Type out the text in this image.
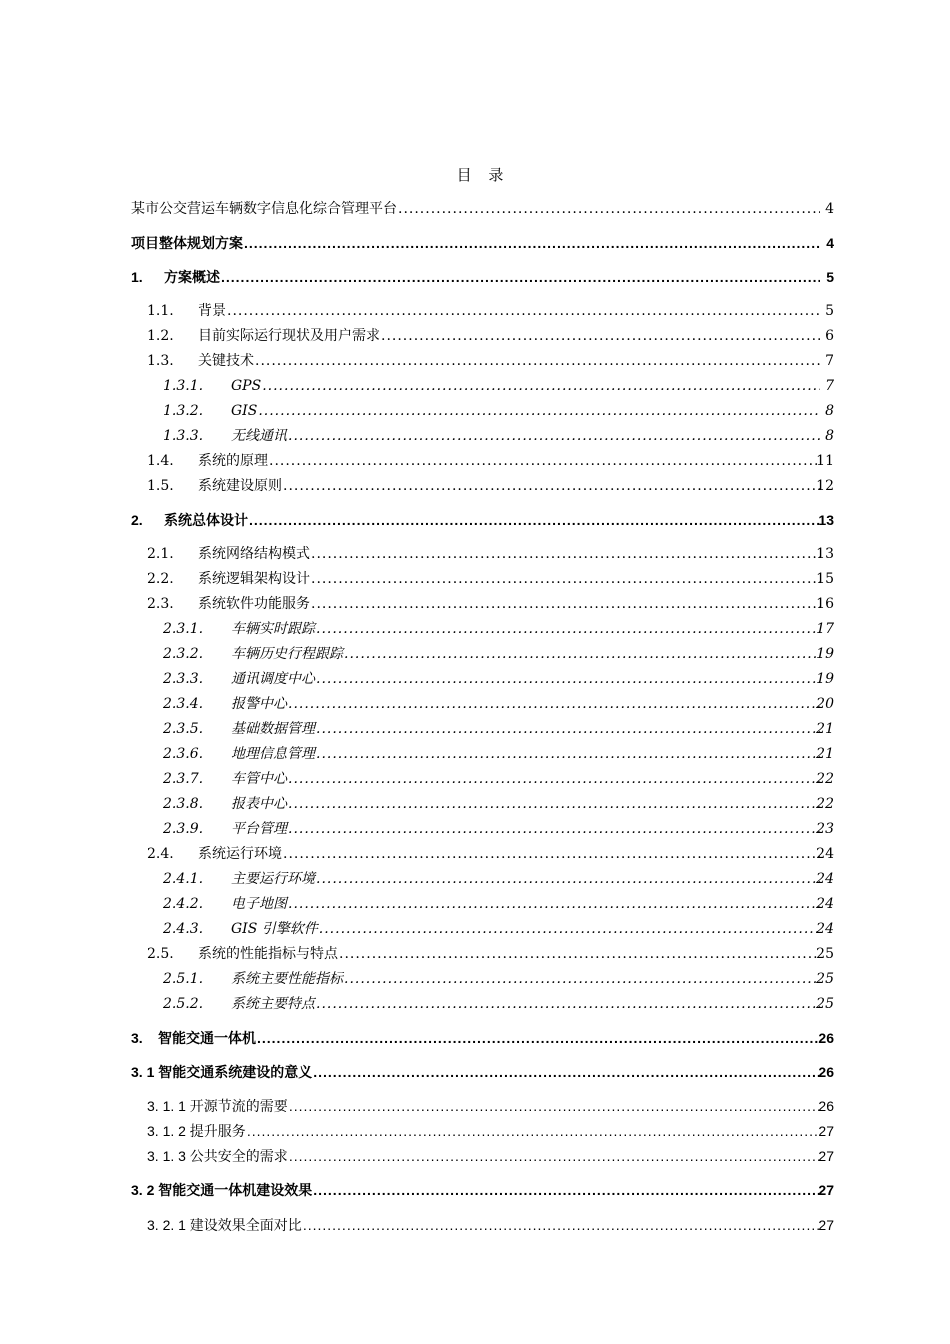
目 录
某市公交营运车辆数字信息化综合管理平台 .....	4
项目整体规划方案 .....	4
1.	方案概述 .....	5
1.1.	背景 .....	5
1.2.	目前实际运行现状及用户需求 .....	6
1.3.	关键技术 .....	7
1.3.1.	GPS .....	7
1.3.2.	GIS .....	8
1.3.3.	无线通讯 .....	8
1.4.	系统的原理 .....	11
1.5.	系统建设原则 .....	12
2.	系统总体设计 .....	13
2.1.	系统网络结构模式 .....	13
2.2.	系统逻辑架构设计 .....	15
2.3.	系统软件功能服务 .....	16
2.3.1.	车辆实时跟踪 .....	17
2.3.2.	车辆历史行程跟踪 .....	19
2.3.3.	通讯调度中心 .....	19
2.3.4.	报警中心 .....	20
2.3.5.	基础数据管理 .....	21
2.3.6.	地理信息管理 .....	21
2.3.7.	车管中心 .....	22
2.3.8.	报表中心 .....	22
2.3.9.	平台管理 .....	23
2.4.	系统运行环境 .....	24
2.4.1.	主要运行环境 .....	24
2.4.2.	电子地图 .....	24
2.4.3.	GIS 引擎软件 .....	24
2.5.	系统的性能指标与特点 .....	25
2.5.1.	系统主要性能指标 .....	25
2.5.2.	系统主要特点 .....	25
3.	智能交通一体机 .....	26
3. 1 智能交通系统建设的意义 .....	26
3. 1. 1 开源节流的需要 .....	26
3. 1. 2 提升服务 .....	27
3. 1. 3 公共安全的需求 .....	27
3. 2 智能交通一体机建设效果 .....	27
3. 2. 1 建设效果全面对比 .....	27
